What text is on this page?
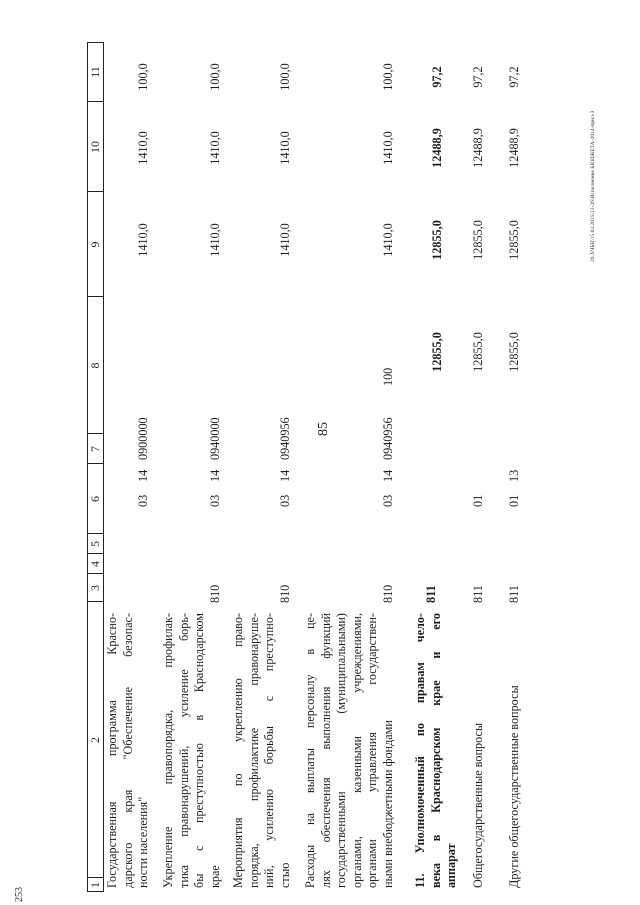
85
20.ХЧБВ\15.03.2015\13-26\Исполнение БЮДЖЕТА-2014-прил-3
253
1
2
3
4
5
6
7
8
9
10
11
Государственная программа Красно- дарского края "Обеспечение безопас- ности населения"
03
14
0900000
1410,0
1410,0
100,0
Укрепление правопорядка, профилак- тика правонарушений, усиление борь- бы с преступностью в Краснодарском крае
810
03
14
0940000
1410,0
1410,0
100,0
Мероприятия по укреплению право- порядка, профилактике правонаруше- ний, усилению борьбы с преступно- стью
810
03
14
0940956
1410,0
1410,0
100,0
Расходы на выплаты персоналу в це- лях обеспечения выполнения функций государственными (муниципальными) органами, казенными учреждениями, органами управления государствен- ными внебюджетными фондами
810
03
14
0940956
100
1410,0
1410,0
100,0
11. Уполномоченный по правам чело- века в Краснодарском крае и его аппарат
811
12855,0
12855,0
12488,9
97,2
Общегосударственные вопросы
811
01
12855,0
12855,0
12488,9
97,2
Другие общегосударственные вопросы
811
01
13
12855,0
12855,0
12488,9
97,2
